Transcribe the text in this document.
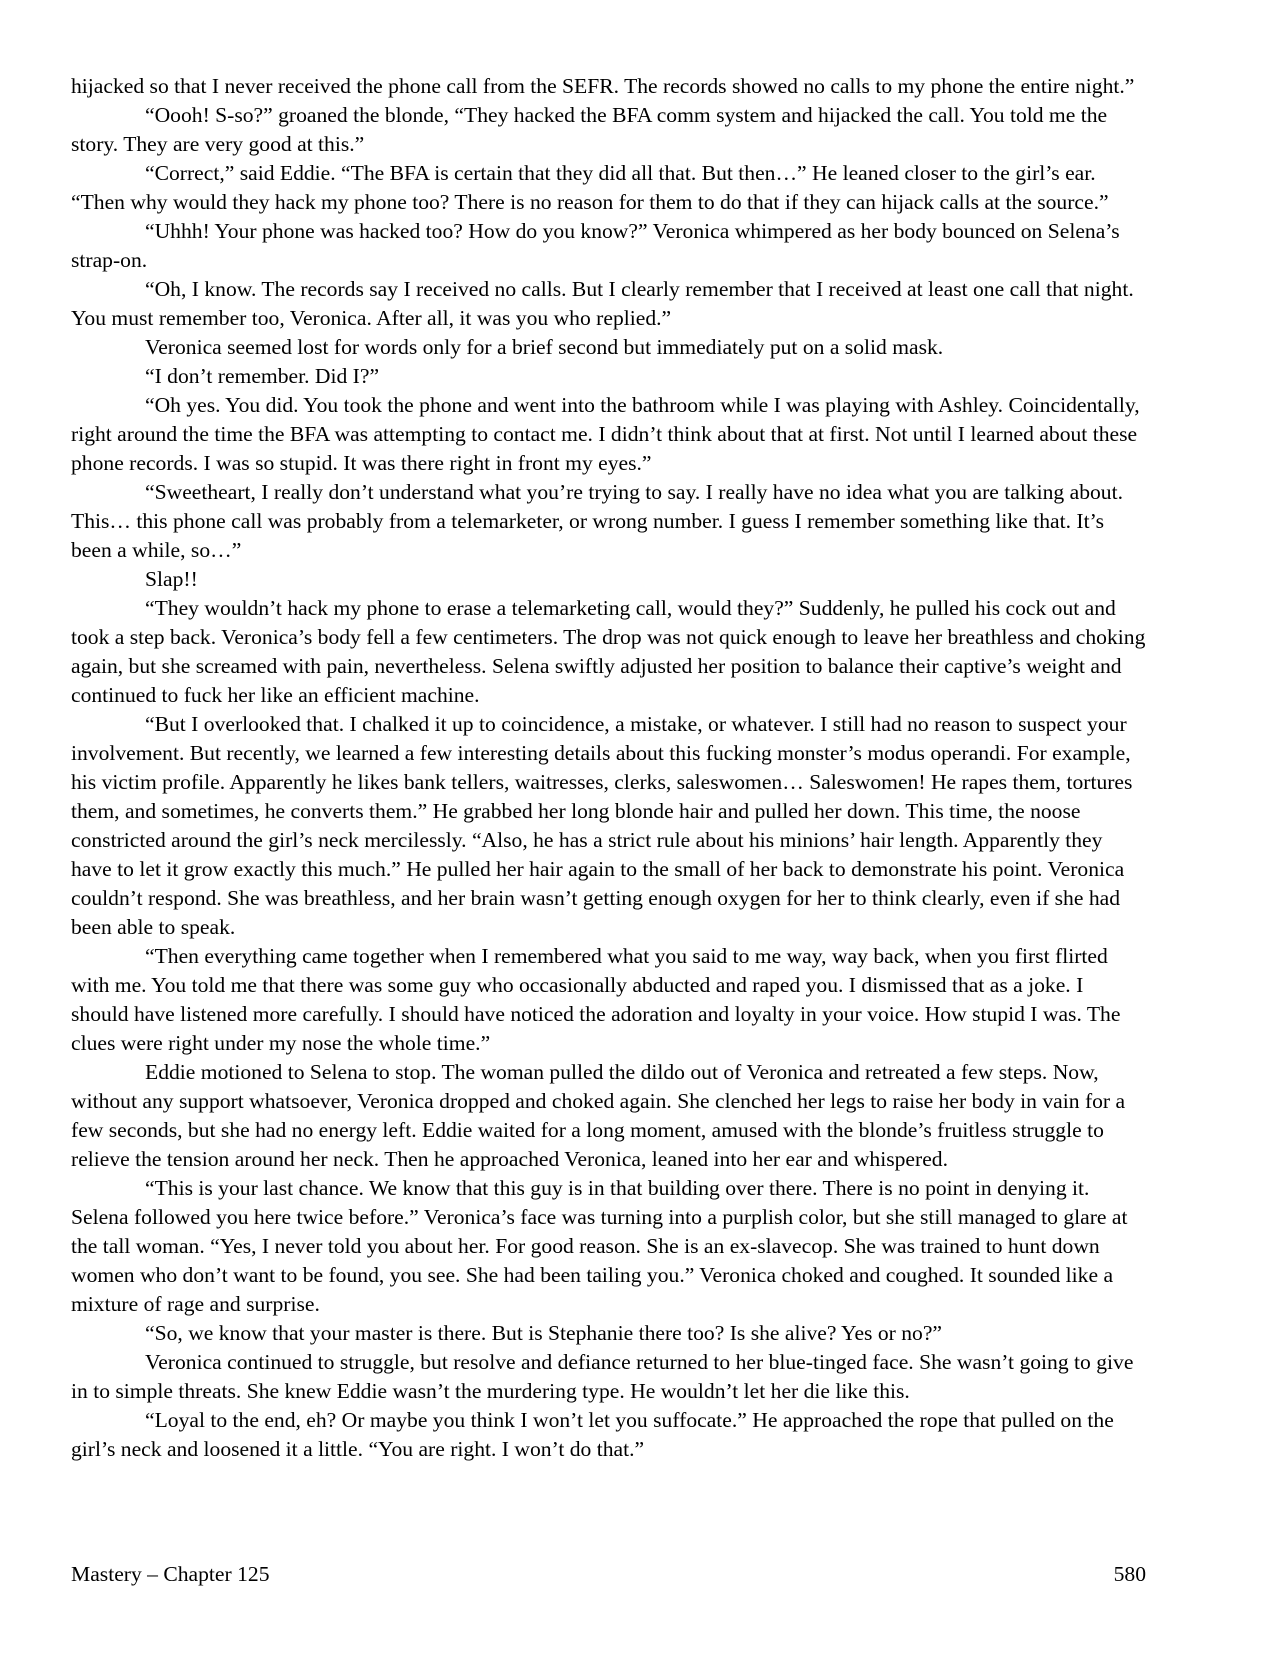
hijacked so that I never received the phone call from the SEFR. The records showed no calls to my phone the entire night.”

“Oooh! S-so?” groaned the blonde, “They hacked the BFA comm system and hijacked the call. You told me the story. They are very good at this.”

“Correct,” said Eddie. “The BFA is certain that they did all that. But then…” He leaned closer to the girl’s ear. “Then why would they hack my phone too? There is no reason for them to do that if they can hijack calls at the source.”

“Uhhh! Your phone was hacked too? How do you know?” Veronica whimpered as her body bounced on Selena’s strap-on.

“Oh, I know. The records say I received no calls. But I clearly remember that I received at least one call that night. You must remember too, Veronica. After all, it was you who replied.”

Veronica seemed lost for words only for a brief second but immediately put on a solid mask.

“I don’t remember. Did I?”

“Oh yes. You did. You took the phone and went into the bathroom while I was playing with Ashley. Coincidentally, right around the time the BFA was attempting to contact me. I didn’t think about that at first. Not until I learned about these phone records. I was so stupid. It was there right in front my eyes.”

“Sweetheart, I really don’t understand what you’re trying to say. I really have no idea what you are talking about. This… this phone call was probably from a telemarketer, or wrong number. I guess I remember something like that. It’s been a while, so…”

Slap!!

“They wouldn’t hack my phone to erase a telemarketing call, would they?” Suddenly, he pulled his cock out and took a step back. Veronica’s body fell a few centimeters. The drop was not quick enough to leave her breathless and choking again, but she screamed with pain, nevertheless. Selena swiftly adjusted her position to balance their captive’s weight and continued to fuck her like an efficient machine.

“But I overlooked that. I chalked it up to coincidence, a mistake, or whatever. I still had no reason to suspect your involvement. But recently, we learned a few interesting details about this fucking monster’s modus operandi. For example, his victim profile. Apparently he likes bank tellers, waitresses, clerks, saleswomen… Saleswomen! He rapes them, tortures them, and sometimes, he converts them.” He grabbed her long blonde hair and pulled her down. This time, the noose constricted around the girl’s neck mercilessly. “Also, he has a strict rule about his minions’ hair length. Apparently they have to let it grow exactly this much.” He pulled her hair again to the small of her back to demonstrate his point. Veronica couldn’t respond. She was breathless, and her brain wasn’t getting enough oxygen for her to think clearly, even if she had been able to speak.

“Then everything came together when I remembered what you said to me way, way back, when you first flirted with me. You told me that there was some guy who occasionally abducted and raped you. I dismissed that as a joke. I should have listened more carefully. I should have noticed the adoration and loyalty in your voice. How stupid I was. The clues were right under my nose the whole time.”

Eddie motioned to Selena to stop. The woman pulled the dildo out of Veronica and retreated a few steps. Now, without any support whatsoever, Veronica dropped and choked again. She clenched her legs to raise her body in vain for a few seconds, but she had no energy left. Eddie waited for a long moment, amused with the blonde’s fruitless struggle to relieve the tension around her neck. Then he approached Veronica, leaned into her ear and whispered.

“This is your last chance. We know that this guy is in that building over there. There is no point in denying it. Selena followed you here twice before.” Veronica’s face was turning into a purplish color, but she still managed to glare at the tall woman. “Yes, I never told you about her. For good reason. She is an ex-slavecop. She was trained to hunt down women who don’t want to be found, you see. She had been tailing you.” Veronica choked and coughed. It sounded like a mixture of rage and surprise.

“So, we know that your master is there. But is Stephanie there too? Is she alive? Yes or no?”

Veronica continued to struggle, but resolve and defiance returned to her blue-tinged face. She wasn’t going to give in to simple threats. She knew Eddie wasn’t the murdering type. He wouldn’t let her die like this.

“Loyal to the end, eh? Or maybe you think I won’t let you suffocate.” He approached the rope that pulled on the girl’s neck and loosened it a little. “You are right. I won’t do that.”

Mastery – Chapter 125	580
